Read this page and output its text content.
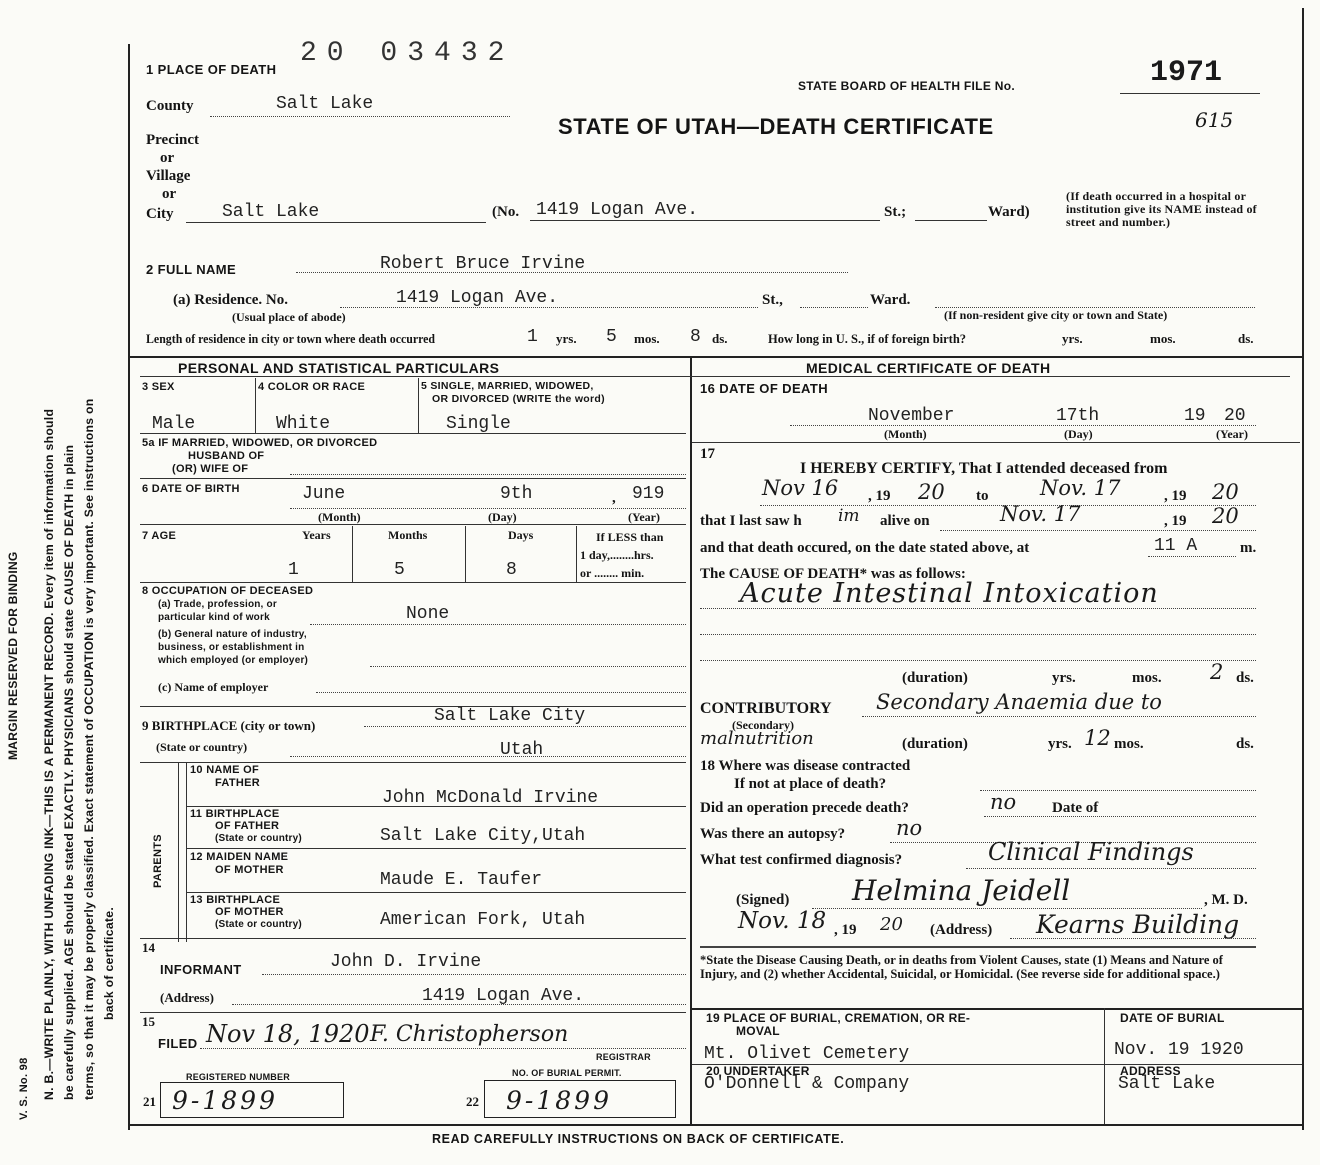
MARGIN RESERVED FOR BINDING N. B.—WRITE PLAINLY, WITH UNFADING INK—THIS IS A PERMANENT RECORD. Every item of information should be carefully supplied. AGE should be stated EXACTLY. PHYSICIANS should state CAUSE OF DEATH in plain terms, so that it may be properly classified. Exact statement of OCCUPATION is very important. See instructions on back of certificate.
V. S. No. 98
20 03432
1 PLACE OF DEATH
STATE BOARD OF HEALTH FILE No.	1971
615
STATE OF UTAH—DEATH CERTIFICATE
County	Salt Lake
Precinct
or
Village
or
City	Salt Lake	(No. 1419 Logan Ave.	St.;	Ward)
(If death occurred in a hospital or institution give its NAME instead of street and number.)
2 FULL NAME	Robert Bruce Irvine
(a) Residence. No.	1419 Logan Ave.	St.,	Ward.
(Usual place of abode)	(If non-resident give city or town and State)
Length of residence in city or town where death occurred	1 yrs. 5 mos. 8 ds.	How long in U. S., if of foreign birth?	yrs.	mos.	ds.
PERSONAL AND STATISTICAL PARTICULARS	MEDICAL CERTIFICATE OF DEATH
3 SEX	4 COLOR OR RACE	5 SINGLE, MARRIED, WIDOWED,
OR DIVORCED (WRITE the word)
Male	White	Single
5a IF MARRIED, WIDOWED, OR DIVORCED
HUSBAND OF
(OR) WIFE OF
6 DATE OF BIRTH	June	9th	919
,
(Month)	(Day)	(Year)
7 AGE	Years	Months	Days	If LESS than
1 day,........hrs.
or ........ min.
1	5	8
8 OCCUPATION OF DECEASED
(a) Trade, profession, or
particular kind of work	None
(b) General nature of industry,
business, or establishment in
which employed (or employer)
(c) Name of employer
9 BIRTHPLACE (city or town)	Salt Lake City
(State or country)	Utah
PARENTS
10 NAME OF
FATHER
John McDonald Irvine
11 BIRTHPLACE
OF FATHER
(State or country)	Salt Lake City,Utah
12 MAIDEN NAME
OF MOTHER	Maude E. Taufer
13 BIRTHPLACE
OF MOTHER
(State or country)	American Fork, Utah
14
INFORMANT	John D. Irvine
(Address)	1419 Logan Ave.
15
FILED Nov 18, 1920 F. Christopherson
REGISTRAR
REGISTERED NUMBER
21 9-1899
NO. OF BURIAL PERMIT.
22 9-1899
16 DATE OF DEATH
November	17th	19 20
(Month)	(Day)	(Year)
17
I HEREBY CERTIFY, That I attended deceased from
Nov 16 , 19 20 to Nov. 17	, 19 20
that I last saw h im alive on	Nov. 17	, 19 20
and that death occured, on the date stated above, at	11 A	m.
The CAUSE OF DEATH* was as follows:
Acute Intestinal Intoxication
(duration)	yrs.	mos. 2 ds.
CONTRIBUTORY
(Secondary)
Secondary Anaemia due to
malnutrition	(duration)	yrs. 12 mos.	ds.
18 Where was disease contracted
If not at place of death?
Did an operation precede death?	no Date of
Was there an autopsy? no
What test confirmed diagnosis?	Clinical Findings
(Signed) Helmina Jeidell	, M. D.
Nov. 18 , 19 20 (Address) Kearns Building
*State the Disease Causing Death, or in deaths from Violent Causes, state (1) Means and Nature of Injury, and (2) whether Accidental, Suicidal, or Homicidal. (See reverse side for additional space.)
19 PLACE OF BURIAL, CREMATION, OR RE-
MOVAL
Mt. Olivet Cemetery
DATE OF BURIAL
Nov. 19 1920
20 UNDERTAKER
O'Donnell & Company
ADDRESS
Salt Lake
READ CAREFULLY INSTRUCTIONS ON BACK OF CERTIFICATE.
